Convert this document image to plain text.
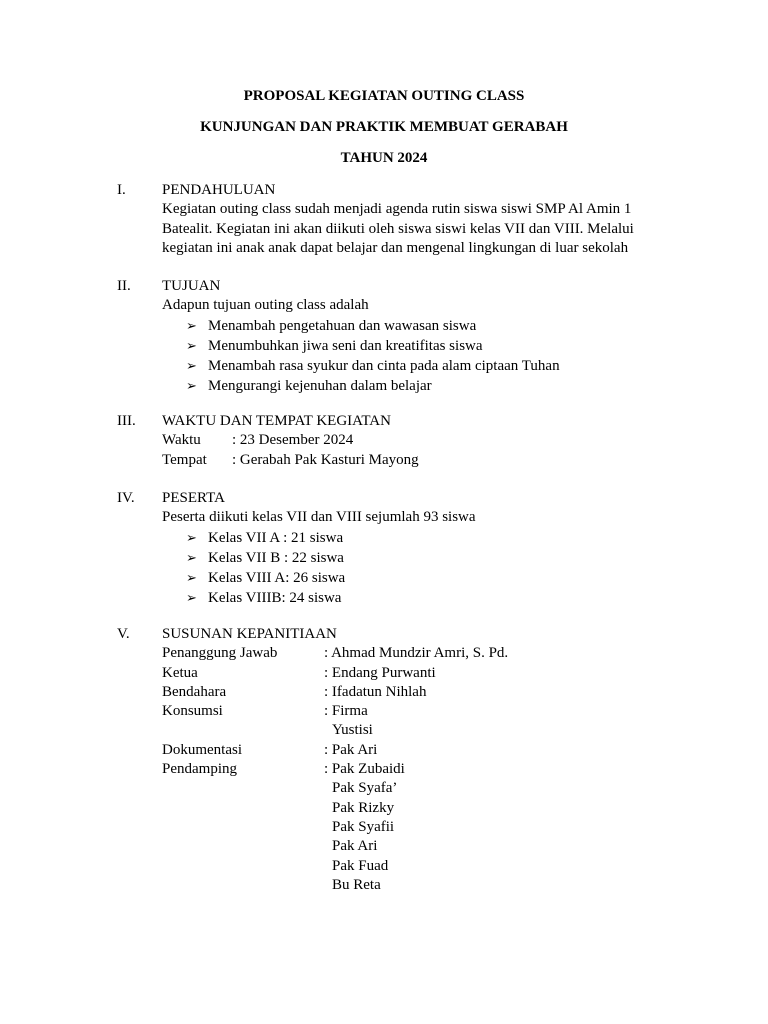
PROPOSAL KEGIATAN OUTING CLASS
KUNJUNGAN DAN PRAKTIK MEMBUAT GERABAH
TAHUN 2024
I. PENDAHULUAN
Kegiatan outing class sudah menjadi agenda rutin siswa siswi SMP Al Amin 1
Batealit. Kegiatan ini akan diikuti oleh siswa siswi kelas VII dan VIII. Melalui
kegiatan ini anak anak dapat belajar dan mengenal lingkungan di luar sekolah
II. TUJUAN
Adapun tujuan outing class adalah
➢ Menambah pengetahuan dan wawasan siswa
➢ Menumbuhkan jiwa seni dan kreatifitas siswa
➢ Menambah rasa syukur dan cinta pada alam ciptaan Tuhan
➢ Mengurangi kejenuhan dalam belajar
III. WAKTU DAN TEMPAT KEGIATAN
Waktu	: 23 Desember 2024
Tempat	: Gerabah Pak Kasturi Mayong
IV. PESERTA
Peserta diikuti kelas VII dan VIII sejumlah 93 siswa
➢ Kelas VII A : 21 siswa
➢ Kelas VII B : 22 siswa
➢ Kelas VIII A: 26 siswa
➢ Kelas VIIIB: 24 siswa
V. SUSUNAN KEPANITIAAN
Penanggung Jawab	: Ahmad Mundzir Amri, S. Pd.
Ketua	: Endang Purwanti
Bendahara	: Ifadatun Nihlah
Konsumsi	: Firma
Yustisi
Dokumentasi	: Pak Ari
Pendamping	: Pak Zubaidi
Pak Syafa’
Pak Rizky
Pak Syafii
Pak Ari
Pak Fuad
Bu Reta
